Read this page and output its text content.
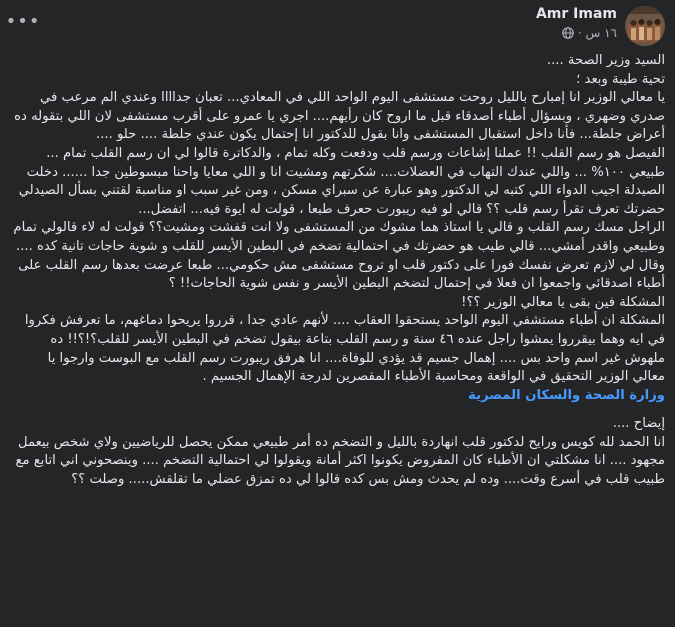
•••	Amr Imam
· ١٦ س

السيد وزير الصحة ....

تحية طيبة وبعد ؛

يا معالي الوزير انا إمبارح بالليل روحت مستشفى اليوم الواحد اللي في المعادي... تعبان جداااا وعندي الم مرعب في صدري وضهري ، وبسؤال أطباء أصدقاء قبل ما اروح كان رأيهم.... اجري يا عمرو على أقرب مستشفى لان اللي بتقوله ده أعراض جلطة... فأنا داخل استقبال المستشفى وانا بقول للدكتور انا إحتمال يكون عندي جلطة .... حلو ....

الفيصل هو رسم القلب !! عملنا إشاعات ورسم قلب ودفعت وكله تمام ، والدكاترة قالوا لي ان رسم القلب تمام ... طبيعي ١٠٠% ... واللي عندك التهاب في العضلات.... شكرتهم ومشيت انا و اللي معايا واحنا مبسوطين جدا ...... دخلت الصيدلة اجيب الدواء اللي كتبه لي الدكتور وهو عبارة عن سبراي مسكن ، ومن غير سبب او مناسبة لقتني بسأل الصيدلي حضرتك تعرف تقرأ رسم قلب ؟؟ قالي لو فيه ريبورت حعرف طبعا ، قولت له ايوة فيه... اتفضل...

الراجل مسك رسم القلب و قالي يا استاذ هما مشوك من المستشفى ولا انت قفشت ومشيت؟؟ قولت له لاء قالولي تمام وطبيعي واقدر أمشي... قالي طيب هو حضرتك في احتمالية تضخم في البطين الأيسر للقلب و شوية حاجات تانية كده .... وقال لي لازم تعرض نفسك فورا على دكتور قلب او تروح مستشفى مش حكومي... طبعا عرضت بعدها رسم القلب على أطباء اصدقائي واجمعوا ان فعلا في إحتمال لتضخم البطين الأيسر و نفس شوية الحاجات!! ؟

المشكلة فين بقى يا معالي الوزير ؟؟!

المشكلة ان أطباء مستشفي اليوم الواحد يستحقوا العقاب .... لأنهم عادي جدا ، قرروا يريحوا دماغهم، ما تعرفش فكروا في ايه وهما بيقرروا يمشوا راجل عنده ٤٦ سنة و رسم القلب بتاعة بيقول تضخم في البطين الأيسر للقلب؟!؟!! ده ملهوش غير اسم واحد بس .... إهمال جسيم قد يؤدي للوفاة.... انا هرفق ريبورت رسم القلب مع البوست وارجوا يا معالي الوزير التحقيق في الواقعة ومحاسبة الأطباء المقصرين لدرجة الإهمال الجسيم .

وزارة الصحة والسكان المصرية

إيضاح ....

انا الحمد لله كويس ورايح لدكتور قلب انهاردة بالليل و التضخم ده أمر طبيعي ممكن يحصل للرياضيين ولاي شخص بيعمل مجهود .... انا مشكلتي ان الأطباء كان المفروض يكونوا اكثر أمانة ويقولوا لي احتمالية التضخم .... وينصحوني اني اتابع مع طبيب قلب في أسرع وقت.... وده لم يحدث ومش بس كده قالوا لي ده تمزق عضلي ما تقلقش..... وصلت ؟؟
